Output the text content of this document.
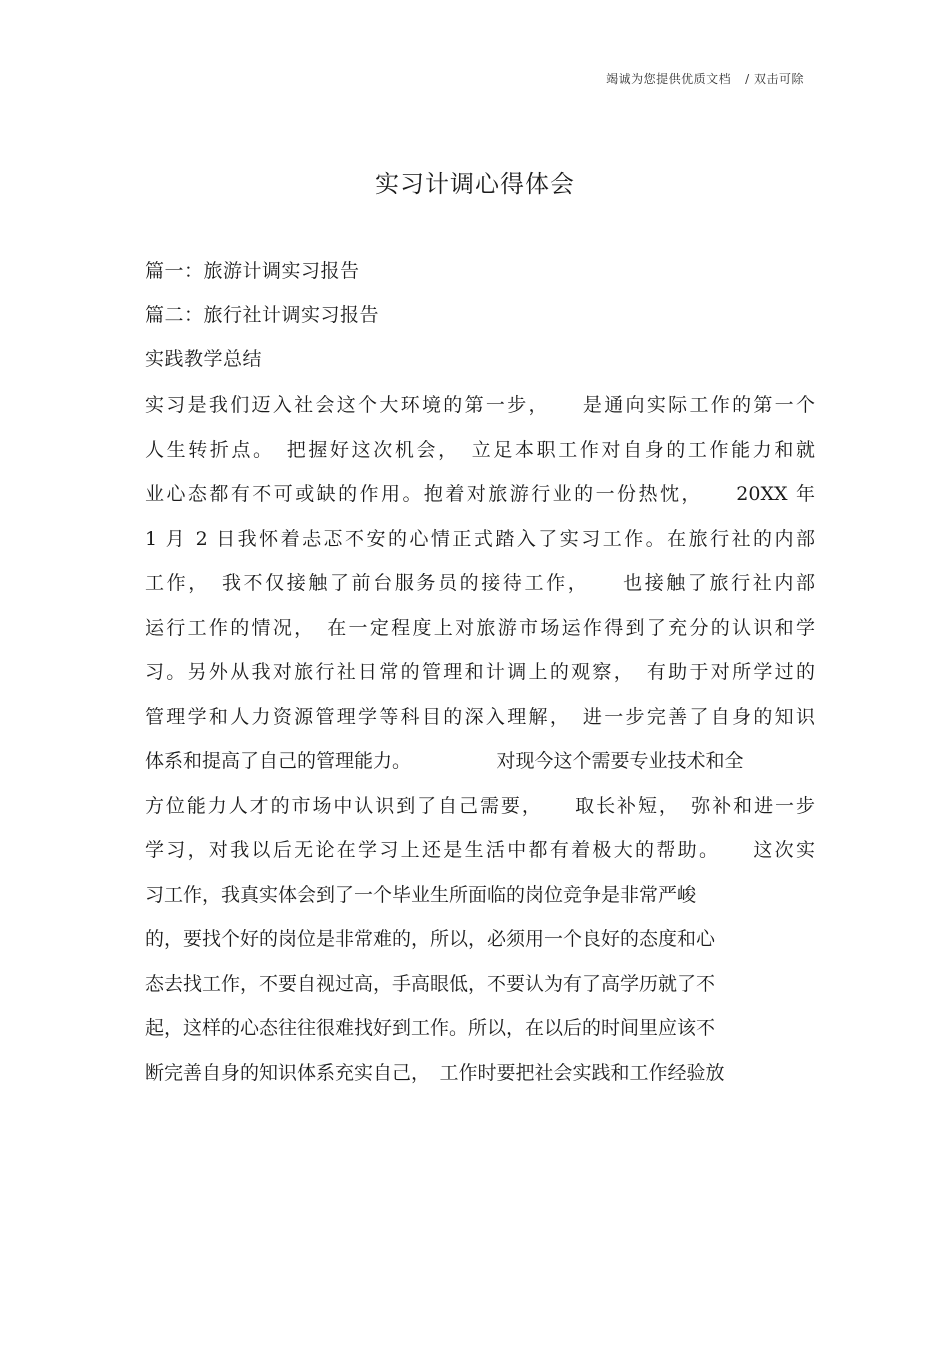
竭诚为您提供优质文档 / 双击可除
实习计调心得体会
篇一：旅游计调实习报告
篇二：旅行社计调实习报告
实践教学总结
实习是我们迈入社会这个大环境的第一步，　　是通向实际工作的第一个
人生转折点。　把握好这次机会，　立足本职工作对自身的工作能力和就
业心态都有不可或缺的作用。抱着对旅游行业的一份热忱，　　20XX 年
1 月 2 日我怀着忐忑不安的心情正式踏入了实习工作。在旅行社的内部
工作，　我不仅接触了前台服务员的接待工作，　　也接触了旅行社内部
运行工作的情况，　在一定程度上对旅游市场运作得到了充分的认识和学
习。另外从我对旅行社日常的管理和计调上的观察，　有助于对所学过的
管理学和人力资源管理学等科目的深入理解，　进一步完善了自身的知识
体系和提高了自己的管理能力。　　　　　对现今这个需要专业技术和全
方位能力人才的市场中认识到了自己需要，　　取长补短，　弥补和进一步
学习，对我以后无论在学习上还是生活中都有着极大的帮助。　　这次实
习工作，我真实体会到了一个毕业生所面临的岗位竞争是非常严峻
的，要找个好的岗位是非常难的，所以，必须用一个良好的态度和心
态去找工作，不要自视过高，手高眼低，不要认为有了高学历就了不
起，这样的心态往往很难找好到工作。所以，在以后的时间里应该不
断完善自身的知识体系充实自己，　工作时要把社会实践和工作经验放
